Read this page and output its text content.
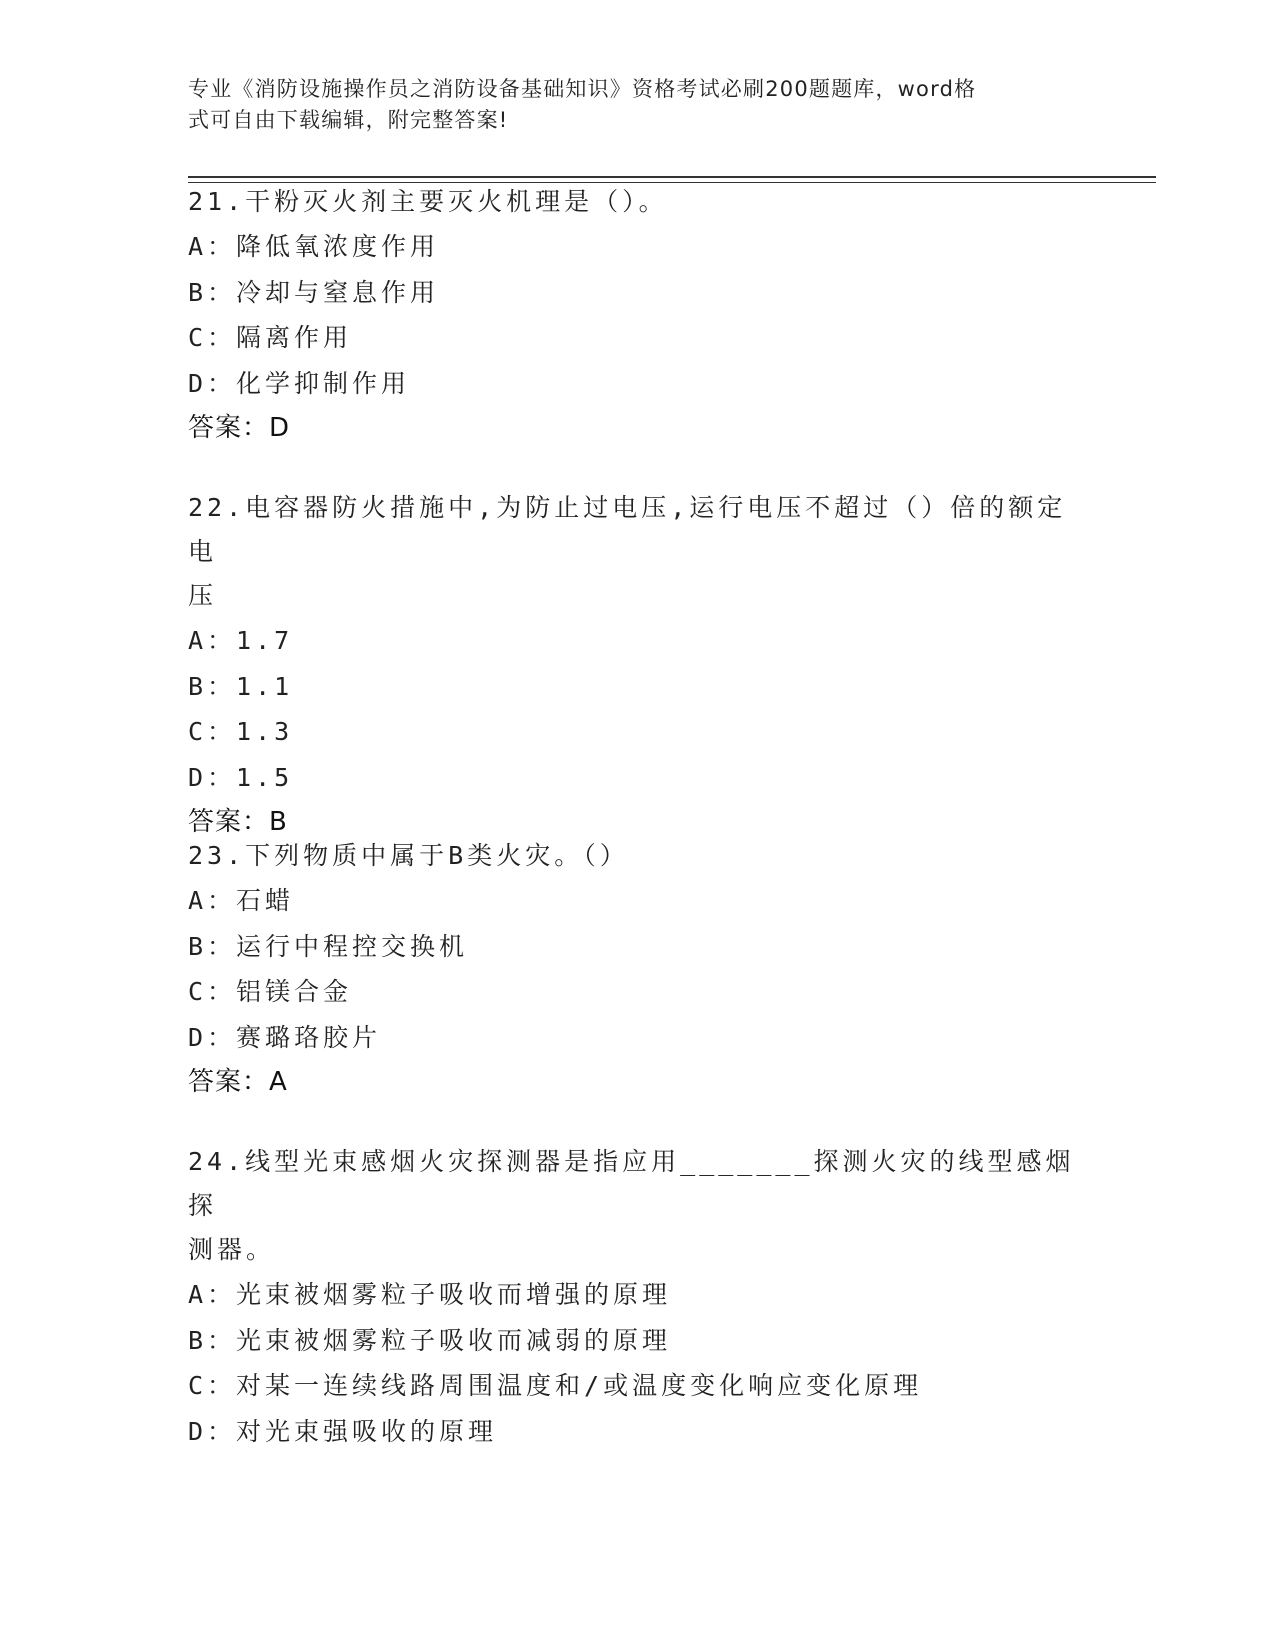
专业《消防设施操作员之消防设备基础知识》资格考试必刷200题题库，word格
式可自由下载编辑，附完整答案!

21.干粉灭火剂主要灭火机理是（）。

A：降低氧浓度作用

B：冷却与窒息作用

C：隔离作用

D：化学抑制作用

答案：D

22.电容器防火措施中,为防止过电压,运行电压不超过（）倍的额定电

压

A：1.7

B：1.1

C：1.3

D：1.5

答案：B

23.下列物质中属于B类火灾。（）

A：石蜡

B：运行中程控交换机

C：铝镁合金

D：赛璐珞胶片

答案：A

24.线型光束感烟火灾探测器是指应用_______探测火灾的线型感烟探

测器。

A：光束被烟雾粒子吸收而增强的原理

B：光束被烟雾粒子吸收而减弱的原理

C：对某一连续线路周围温度和/或温度变化响应变化原理

D：对光束强吸收的原理
